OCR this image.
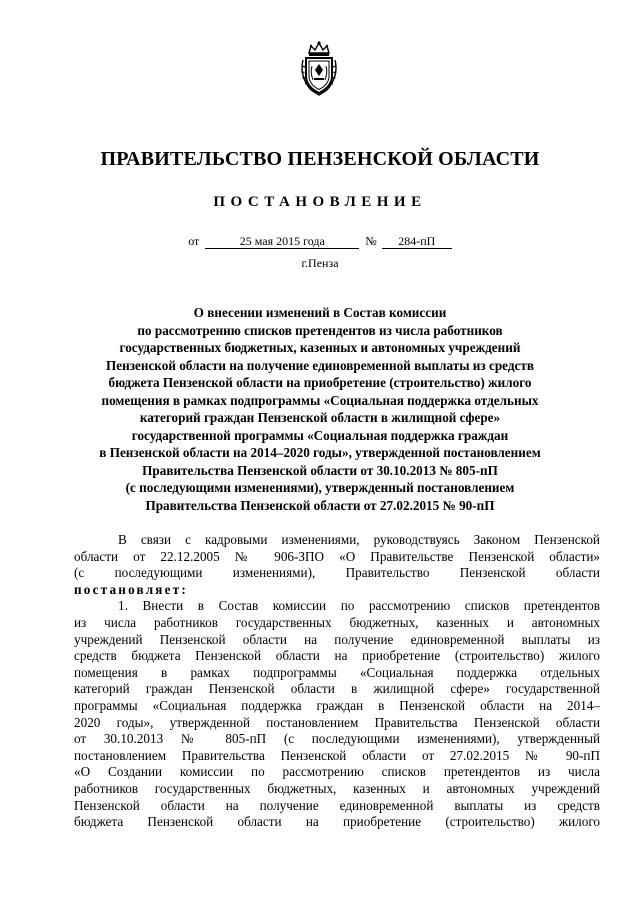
ПРАВИТЕЛЬСТВО ПЕНЗЕНСКОЙ ОБЛАСТИ
ПОСТАНОВЛЕНИЕ
от	25 мая 2015 года	№ 284-пП
г.Пенза
О внесении изменений в Состав комиссии
по рассмотрению списков претендентов из числа работников
государственных бюджетных, казенных и автономных учреждений
Пензенской области на получение единовременной выплаты из средств
бюджета Пензенской области на приобретение (строительство) жилого
помещения в рамках подпрограммы «Социальная поддержка отдельных
категорий граждан Пензенской области в жилищной сфере»
государственной программы «Социальная поддержка граждан
в Пензенской области на 2014–2020 годы», утвержденной постановлением
Правительства Пензенской области от 30.10.2013 № 805-пП
(с последующими изменениями), утвержденный постановлением
Правительства Пензенской области от 27.02.2015 № 90-пП
В связи с кадровыми изменениями, руководствуясь Законом Пензенской
области от 22.12.2005 № 906-ЗПО «О Правительстве Пензенской области»
(с последующими изменениями), Правительство Пензенской области
постановляет:
1. Внести в Состав комиссии по рассмотрению списков претендентов
из числа работников государственных бюджетных, казенных и автономных
учреждений Пензенской области на получение единовременной выплаты из
средств бюджета Пензенской области на приобретение (строительство) жилого
помещения в рамках подпрограммы «Социальная поддержка отдельных
категорий граждан Пензенской области в жилищной сфере» государственной
программы «Социальная поддержка граждан в Пензенской области на 2014–
2020 годы», утвержденной постановлением Правительства Пензенской области
от 30.10.2013 № 805-пП (с последующими изменениями), утвержденный
постановлением Правительства Пензенской области от 27.02.2015 № 90-пП
«О Создании комиссии по рассмотрению списков претендентов из числа
работников государственных бюджетных, казенных и автономных учреждений
Пензенской области на получение единовременной выплаты из средств
бюджета Пензенской области на приобретение (строительство) жилого
